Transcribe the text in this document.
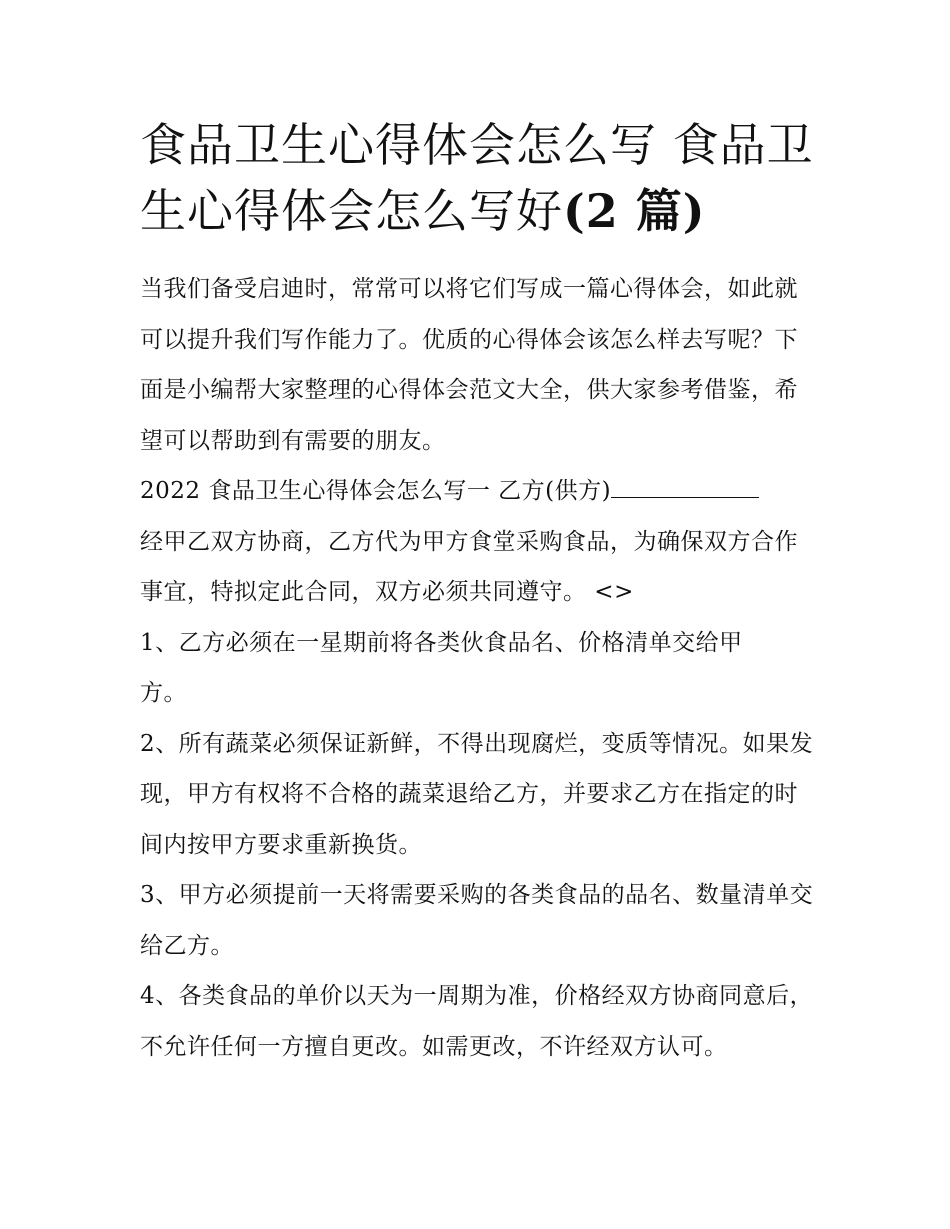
食品卫生心得体会怎么写 食品卫生心得体会怎么写好(2 篇)

当我们备受启迪时，常常可以将它们写成一篇心得体会，如此就可以提升我们写作能力了。优质的心得体会该怎么样去写呢？下面是小编帮大家整理的心得体会范文大全，供大家参考借鉴，希望可以帮助到有需要的朋友。

2022 食品卫生心得体会怎么写一 乙方(供方)

经甲乙双方协商，乙方代为甲方食堂采购食品，为确保双方合作事宜，特拟定此合同，双方必须共同遵守。 <>

1、乙方必须在一星期前将各类伙食品名、价格清单交给甲方。

2、所有蔬菜必须保证新鲜，不得出现腐烂，变质等情况。如果发现，甲方有权将不合格的蔬菜退给乙方，并要求乙方在指定的时间内按甲方要求重新换货。

3、甲方必须提前一天将需要采购的各类食品的品名、数量清单交给乙方。

4、各类食品的单价以天为一周期为准，价格经双方协商同意后，不允许任何一方擅自更改。如需更改，不许经双方认可。
